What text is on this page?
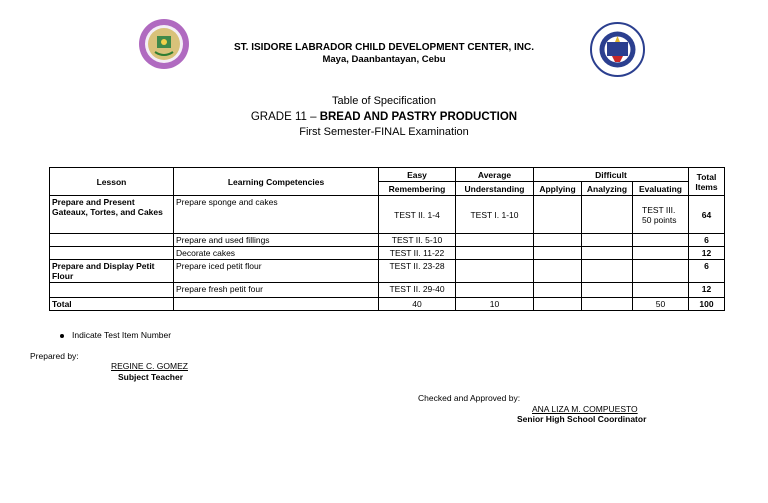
ST. ISIDORE LABRADOR CHILD DEVELOPMENT CENTER, INC.
Maya, Daanbantayan, Cebu
Table of Specification
GRADE 11 – BREAD AND PASTRY PRODUCTION
First Semester-FINAL Examination
Lesson	Learning Competencies	Easy	Average	Difficult			Total Items
		Remembering	Understanding	Applying	Analyzing	Evaluating	
Prepare and Present Gateaux, Tortes, and Cakes	Prepare sponge and cakes	TEST II. 1-4	TEST I. 1-10			TEST III. 50 points	64
	Prepare and used fillings	TEST II. 5-10					6
	Decorate cakes	TEST II. 11-22					12
Prepare and Display Petit Flour	Prepare iced petit flour	TEST II. 23-28					6
	Prepare fresh petit four	TEST II. 29-40					12
Total		40	10			50	100
Indicate Test Item Number
Prepared by:
REGINE C. GOMEZ
Subject Teacher
Checked and Approved by:
ANA LIZA M. COMPUESTO
Senior High School Coordinator
